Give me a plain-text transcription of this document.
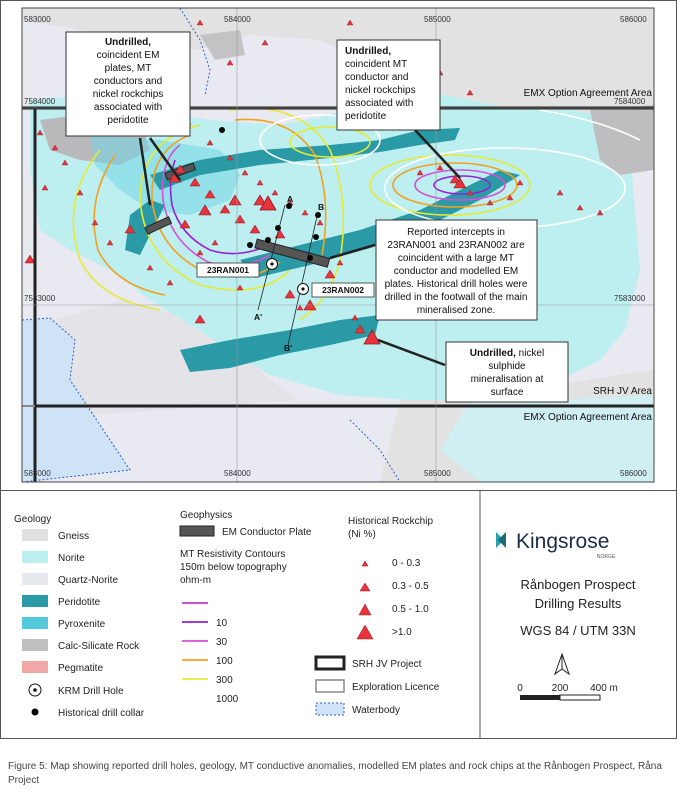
583000	584000	585000	586000
583000	584000	585000	586000
7584000	7584000
7583000	7583000
EMX Option Agreement Area
SRH JV Area
EMX Option Agreement Area
A
B
A'
B'
23RAN001
23RAN002
Undrilled,
coincident EM
plates, MT
conductors and
nickel rockchips
associated with
peridotite
Undrilled,
coincident MT
conductor and
nickel rockchips
associated with
peridotite
Reported intercepts in
23RAN001 and 23RAN002 are
coincident with a large MT
conductor and modelled EM
plates. Historical drill holes were
drilled in the footwall of the main
mineralised zone.
Undrilled, nickel
sulphide
mineralisation at
surface
Geology
Gneiss
Norite
Quartz-Norite
Peridotite
Pyroxenite
Calc-Silicate Rock
Pegmatite
KRM Drill Hole
Historical drill collar
Geophysics
EM Conductor Plate
MT Resistivity Contours
150m below topography
ohm-m
10
30
100
300
1000
Historical Rockchip
(Ni %)
0 - 0.3
0.3 - 0.5
0.5 - 1.0
>1.0
SRH JV Project
Exploration Licence
Waterbody
Kingsrose
NORGE
Rånbogen Prospect
Drilling Results
WGS 84 / UTM 33N
0	200 400 m
Figure 5: Map showing reported drill holes, geology, MT conductive anomalies, modelled EM plates and rock chips at the Rånbogen Prospect, Råna Project
